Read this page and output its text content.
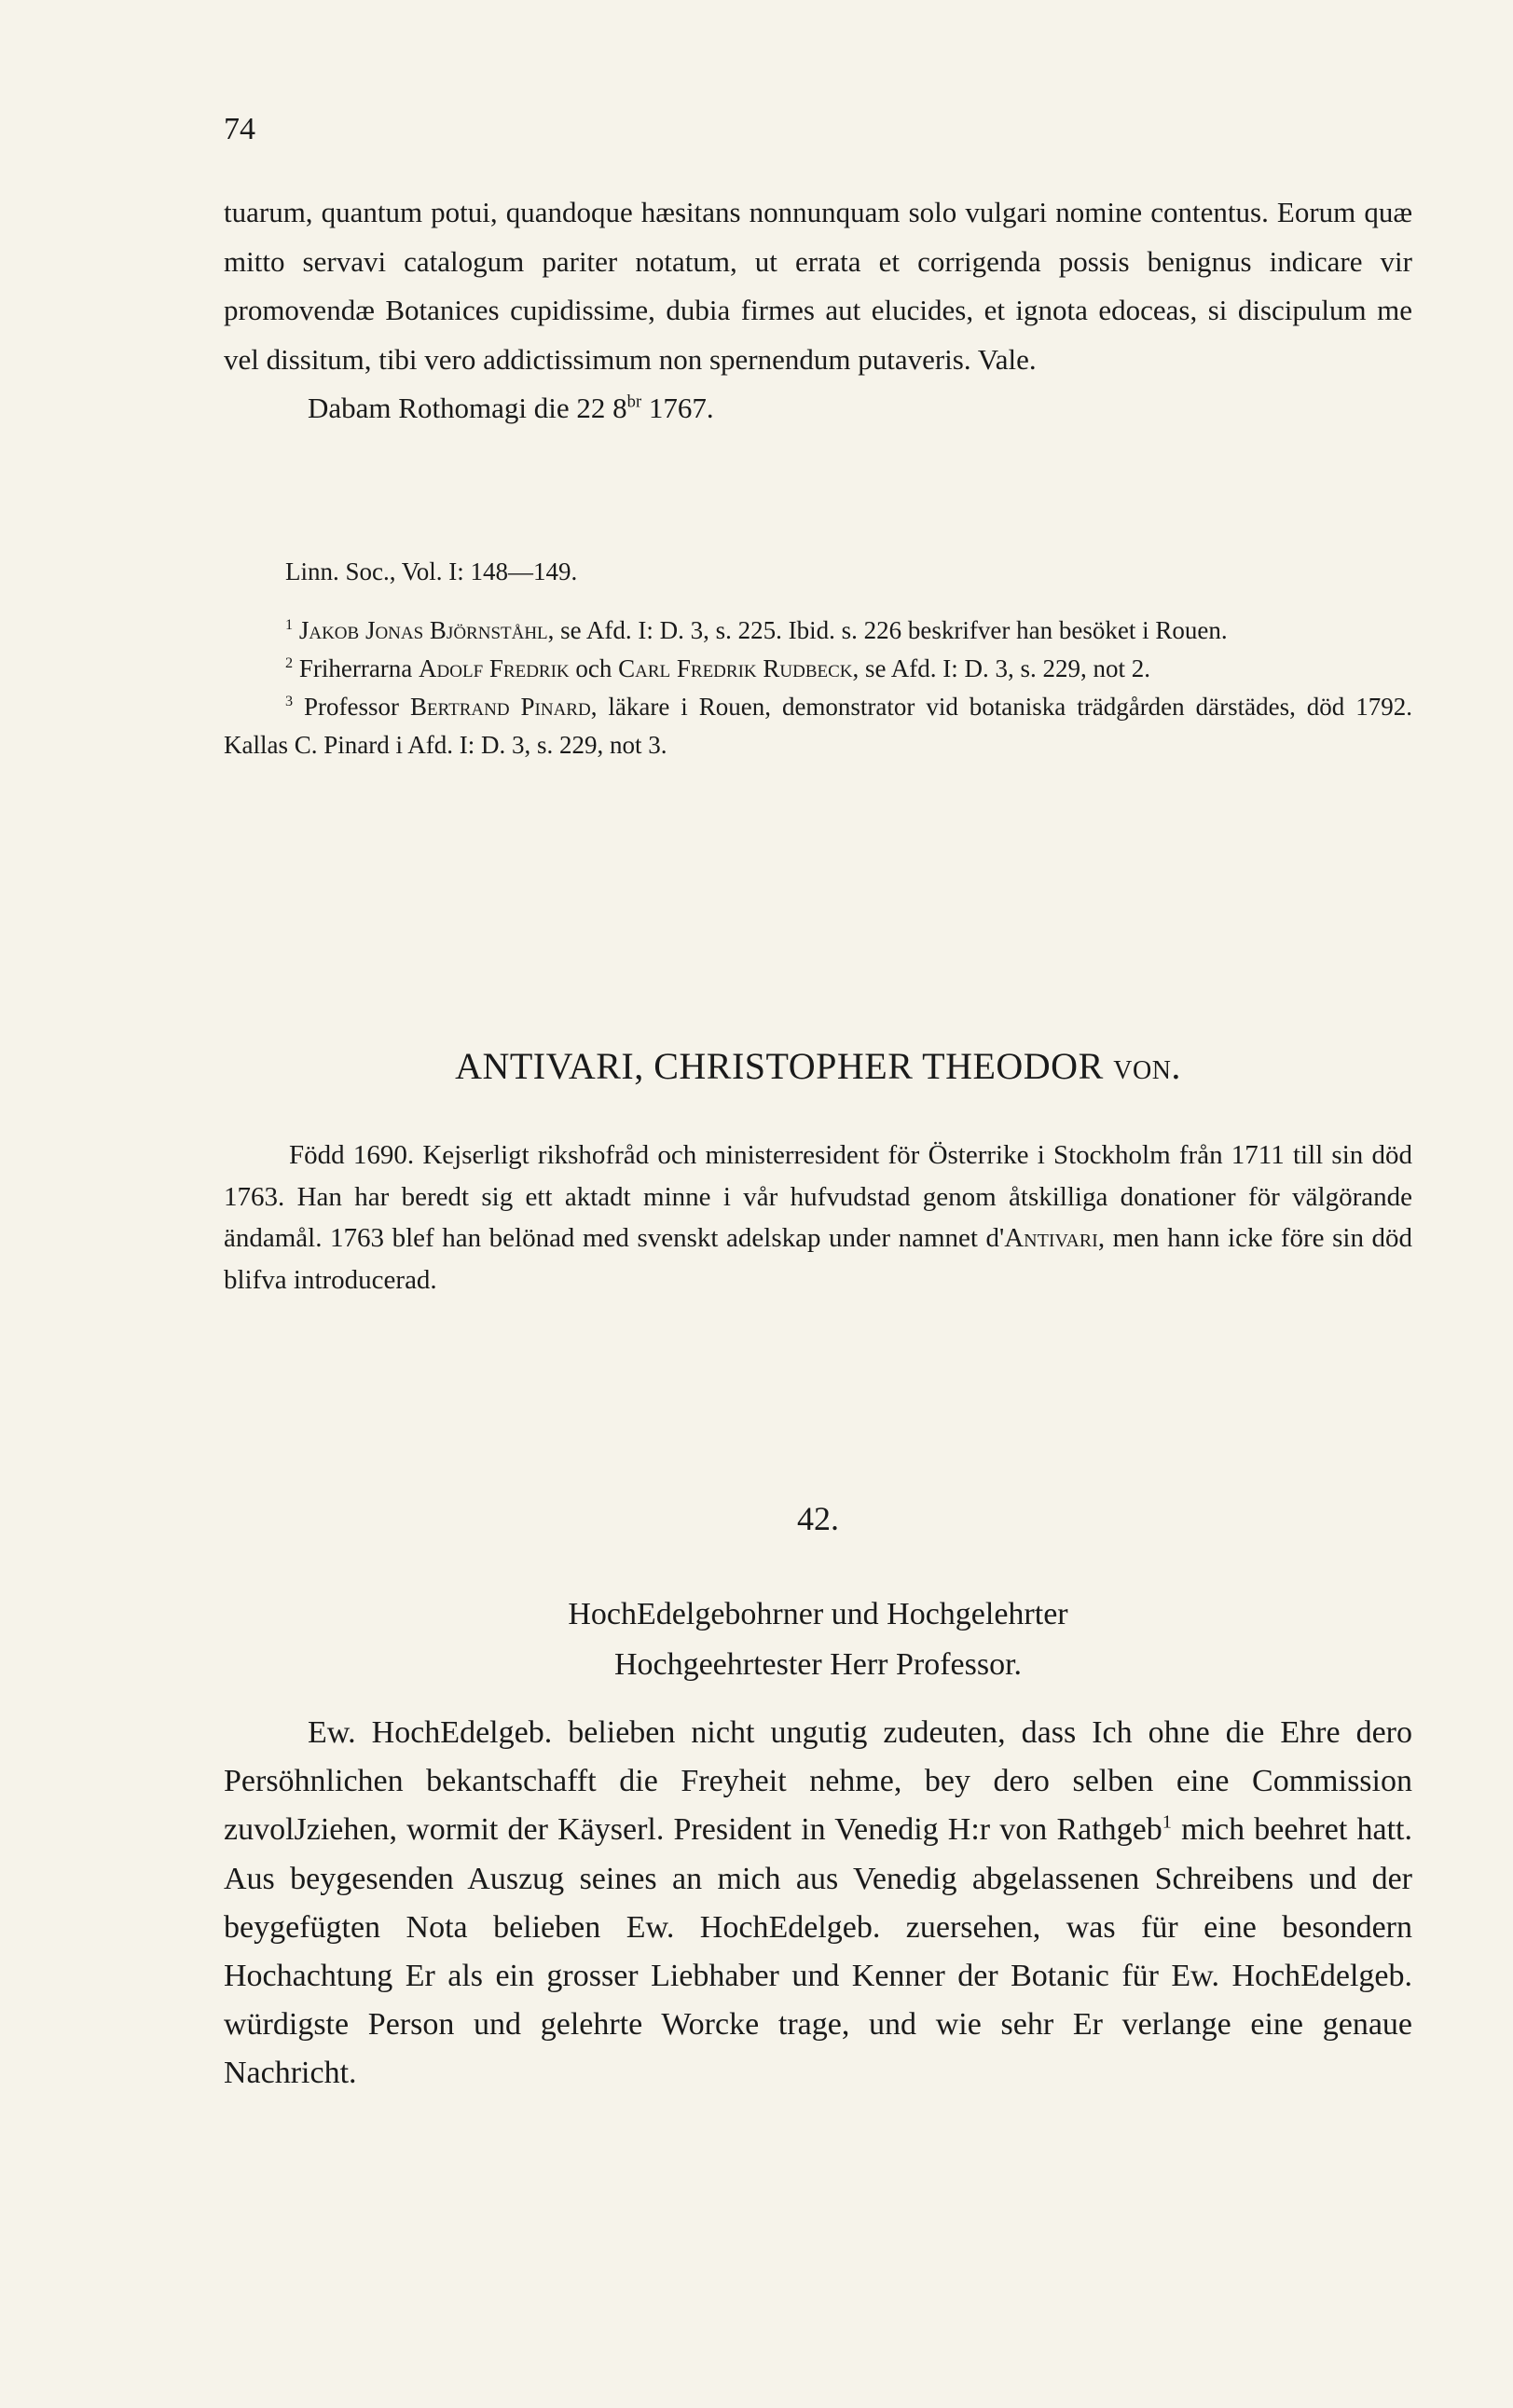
74

tuarum, quantum potui, quandoque hæsitans nonnunquam solo vulgari nomine contentus. Eorum quæ mitto servavi catalogum pariter notatum, ut errata et corrigenda possis benignus indicare vir promovendæ Botanices cupidissime, dubia firmes aut elucides, et ignota edoceas, si discipulum me vel dissitum, tibi vero addictissimum non spernendum putaveris. Vale.

Dabam Rothomagi die 22 $8^{br}$ 1767.

Linn. Soc., Vol. I: 148—149.

$^1$ Jakob Jonas Björnståhl, se Afd. I: D. 3, s. 225. Ibid. s. 226 beskrifver han besöket i Rouen.

$^2$ Friherrarna Adolf Fredrik och Carl Fredrik Rudbeck, se Afd. I: D. 3, s. 229, not 2.

$^3$ Professor Bertrand Pinard, läkare i Rouen, demonstrator vid botaniska trädgården därstädes, död 1792. Kallas C. Pinard i Afd. I: D. 3, s. 229, not 3.

ANTIVARI, CHRISTOPHER THEODOR von.

Född 1690. Kejserligt rikshofråd och ministerresident för Österrike i Stockholm från 1711 till sin död 1763. Han har beredt sig ett aktadt minne i vår hufvudstad genom åtskilliga donationer för välgörande ändamål. 1763 blef han belönad med svenskt adelskap under namnet d'Antivari, men hann icke före sin död blifva introducerad.

42.
HochEdelgebohrner und Hochgelehrter
Hochgeehrtester Herr Professor.

Ew. HochEdelgeb. belieben nicht ungutig zudeuten, dass Ich ohne die Ehre dero Persöhnlichen bekantschafft die Freyheit nehme, bey dero selben eine Commission zuvolJziehen, wormit der Käyserl. President in Venedig H:r von Rathgeb$^1$ mich beehret hatt. Aus beygesenden Auszug seines an mich aus Venedig abgelassenen Schreibens und der beygefügten Nota belieben Ew. HochEdelgeb. zuersehen, was für eine besondern Hochachtung Er als ein grosser Liebhaber und Kenner der Botanic für Ew. HochEdelgeb. würdigste Person und gelehrte Worcke trage, und wie sehr Er verlange eine genaue Nachricht.
